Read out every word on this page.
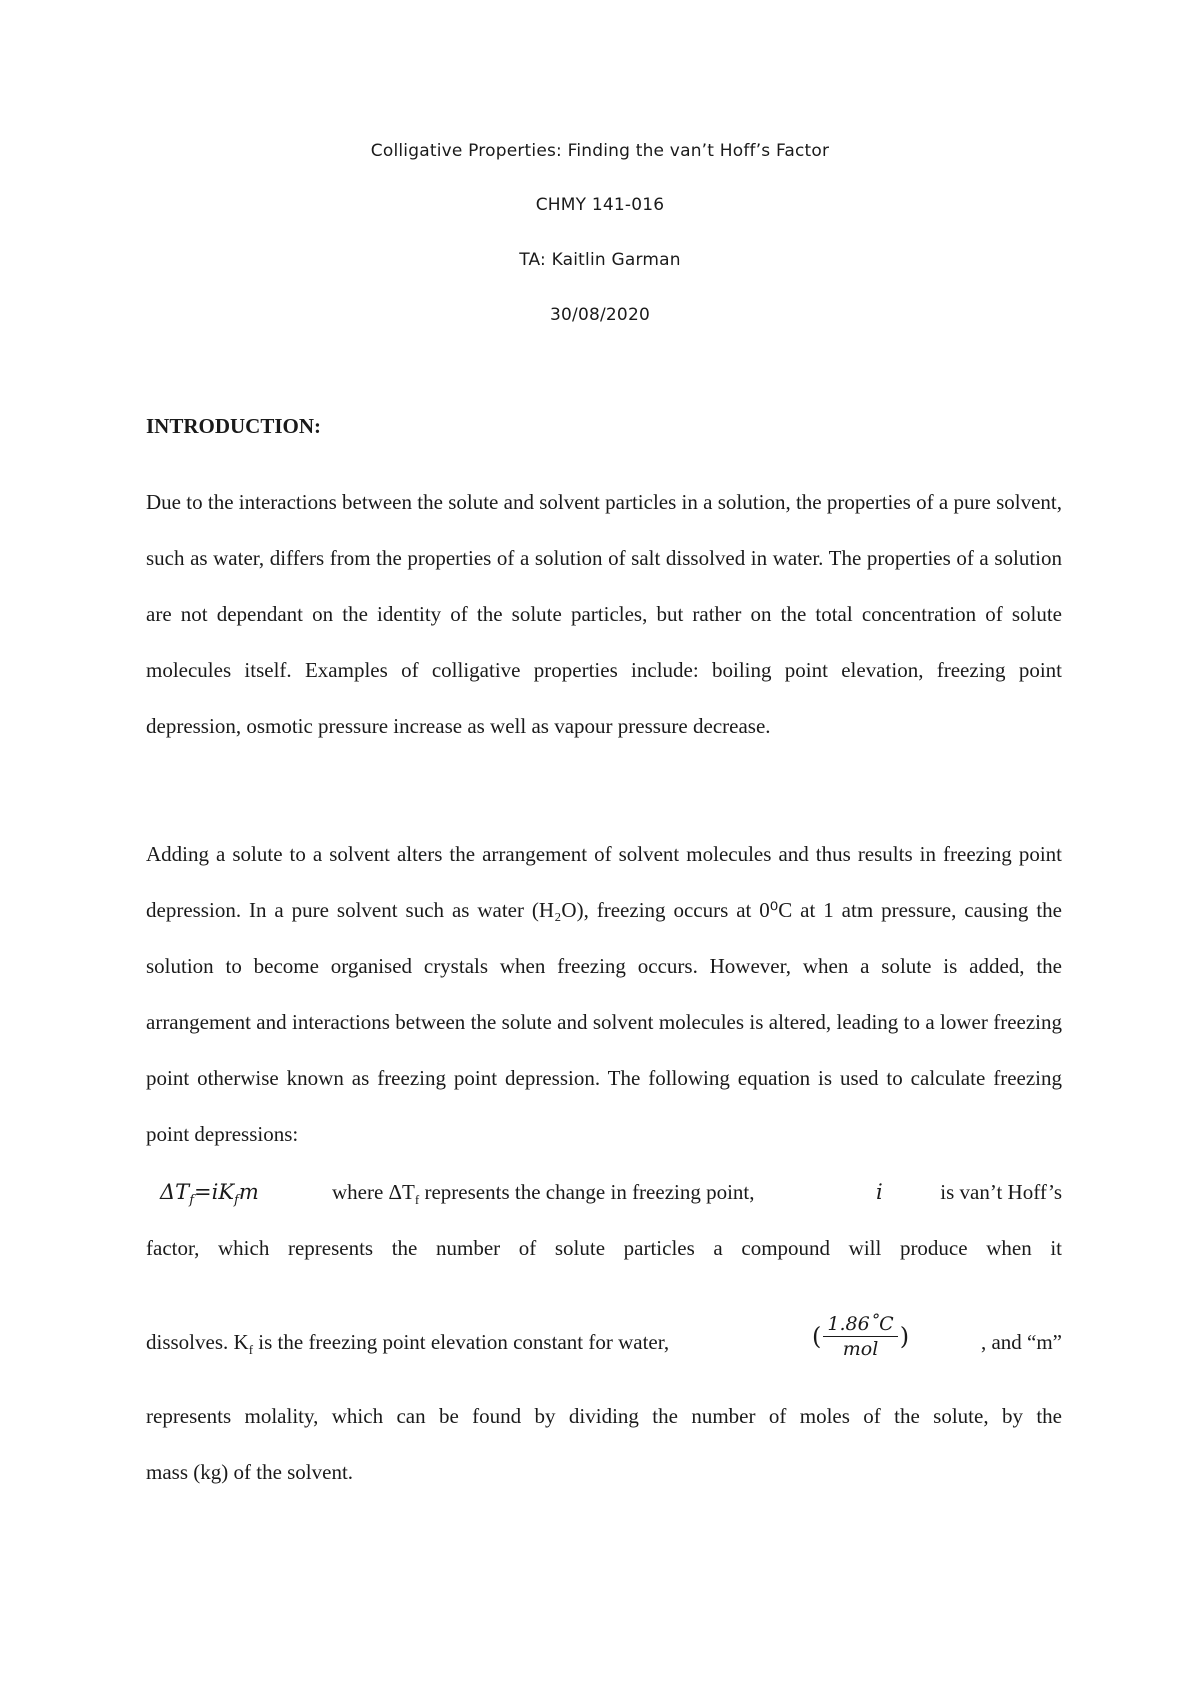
Colligative Properties: Finding the van’t Hoff’s Factor
CHMY 141-016
TA: Kaitlin Garman
30/08/2020
INTRODUCTION:

Due to the interactions between the solute and solvent particles in a solution, the properties of a pure solvent, such as water, differs from the properties of a solution of salt dissolved in water. The properties of a solution are not dependant on the identity of the solute particles, but rather on the total concentration of solute molecules itself. Examples of colligative properties include: boiling point elevation, freezing point depression, osmotic pressure increase as well as vapour pressure decrease.

Adding a solute to a solvent alters the arrangement of solvent molecules and thus results in freezing point depression. In a pure solvent such as water (H₂O), freezing occurs at 0⁰C at 1 atm pressure, causing the solution to become organised crystals when freezing occurs. However, when a solute is added, the arrangement and interactions between the solute and solvent molecules is altered, leading to a lower freezing point otherwise known as freezing point depression. The following equation is used to calculate freezing point depressions:

$\Delta T_f=iK_fm$	where $\Delta T_f$ represents the change in freezing point,	i	is van’t Hoff’s
factor, which represents the number of solute particles a compound will produce when it
dissolves. $K_f$ is the freezing point elevation constant for water,	( $\frac{1.86˚C}{\text{mol}}$ )	, and “m”
represents molality, which can be found by dividing the number of moles of the solute, by the
mass (kg) of the solvent.
